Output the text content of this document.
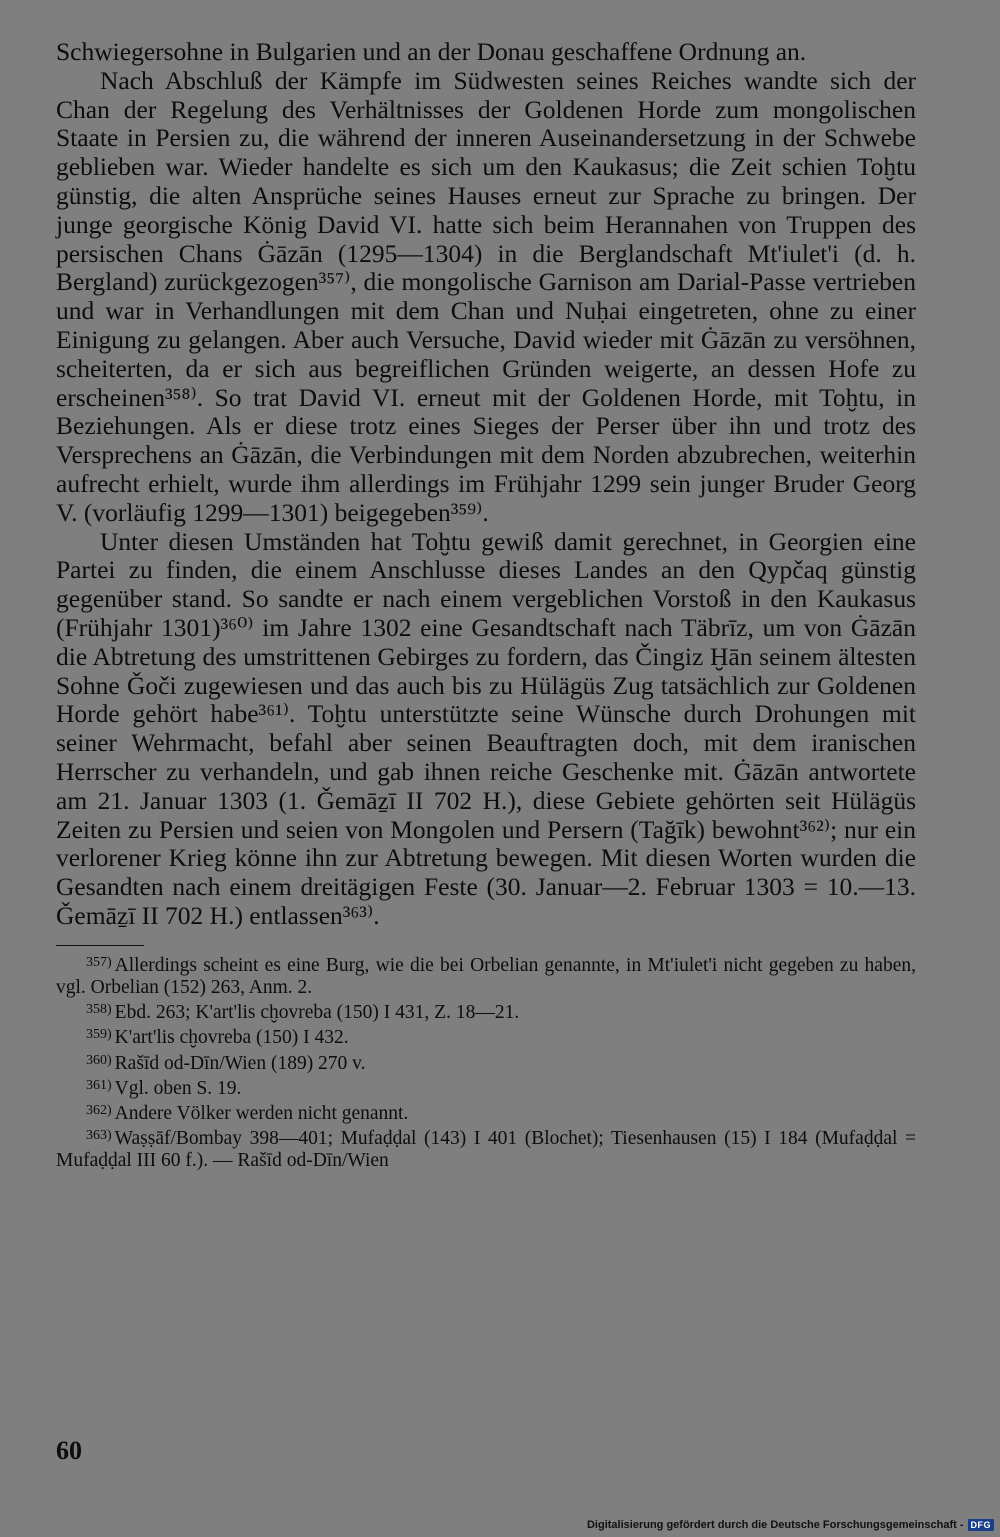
Schwiegersohne in Bulgarien und an der Donau geschaffene Ordnung an.

Nach Abschluß der Kämpfe im Südwesten seines Reiches wandte sich der Chan der Regelung des Verhältnisses der Goldenen Horde zum mongolischen Staate in Persien zu, die während der inneren Auseinandersetzung in der Schwebe geblieben war. Wieder handelte es sich um den Kaukasus; die Zeit schien Toḫtu günstig, die alten Ansprüche seines Hauses erneut zur Sprache zu bringen. Der junge georgische König David VI. hatte sich beim Herannahen von Truppen des persischen Chans Ġāzān (1295—1304) in die Berglandschaft Mt'iulet'i (d. h. Bergland) zurückgezogen³⁵⁷⁾, die mongolische Garnison am Darial-Passe vertrieben und war in Verhandlungen mit dem Chan und Nuḥai eingetreten, ohne zu einer Einigung zu gelangen. Aber auch Versuche, David wieder mit Ġāzān zu versöhnen, scheiterten, da er sich aus begreiflichen Gründen weigerte, an dessen Hofe zu erscheinen³⁵⁸⁾. So trat David VI. erneut mit der Goldenen Horde, mit Toḫtu, in Beziehungen. Als er diese trotz eines Sieges der Perser über ihn und trotz des Versprechens an Ġāzān, die Verbindungen mit dem Norden abzubrechen, weiterhin aufrecht erhielt, wurde ihm allerdings im Frühjahr 1299 sein junger Bruder Georg V. (vorläufig 1299—1301) beigegeben³⁵⁹⁾.

Unter diesen Umständen hat Toḫtu gewiß damit gerechnet, in Georgien eine Partei zu finden, die einem Anschlusse dieses Landes an den Qypčaq günstig gegenüber stand. So sandte er nach einem vergeblichen Vorstoß in den Kaukasus (Frühjahr 1301)³⁶⁰⁾ im Jahre 1302 eine Gesandtschaft nach Täbrīz, um von Ġāzān die Abtretung des umstrittenen Gebirges zu fordern, das Čingiz Ḫān seinem ältesten Sohne Ǧoči zugewiesen und das auch bis zu Hülägüs Zug tatsächlich zur Goldenen Horde gehört habe³⁶¹⁾. Toḫtu unterstützte seine Wünsche durch Drohungen mit seiner Wehrmacht, befahl aber seinen Beauftragten doch, mit dem iranischen Herrscher zu verhandeln, und gab ihnen reiche Geschenke mit. Ġāzān antwortete am 21. Januar 1303 (1. Ǧemāẕī II 702 H.), diese Gebiete gehörten seit Hülägüs Zeiten zu Persien und seien von Mongolen und Persern (Tağīk) bewohnt³⁶²⁾; nur ein verlorener Krieg könne ihn zur Abtretung bewegen. Mit diesen Worten wurden die Gesandten nach einem dreitägigen Feste (30. Januar—2. Februar 1303 = 10.—13. Ǧemāẕī II 702 H.) entlassen³⁶³⁾.

$^{357)}$ Allerdings scheint es eine Burg, wie die bei Orbelian genannte, in Mt'iulet'i nicht gegeben zu haben, vgl. Orbelian (152) 263, Anm. 2.

$^{358)}$ Ebd. 263; K'art'lis cḫovreba (150) I 431, Z. 18—21.

$^{359)}$ K'art'lis cḫovreba (150) I 432.

$^{360)}$ Rašīd od-Dīn/Wien (189) 270 v.

$^{361)}$ Vgl. oben S. 19.

$^{362)}$ Andere Völker werden nicht genannt.

$^{363)}$ Waṣṣāf/Bombay 398—401; Mufaḍḍal (143) I 401 (Blochet); Tiesenhausen (15) I 184 (Mufaḍḍal = Mufaḍḍal III 60 f.). — Rašīd od-Dīn/Wien

60
Digitalisierung gefördert durch die Deutsche Forschungsgemeinschaft - DFG
